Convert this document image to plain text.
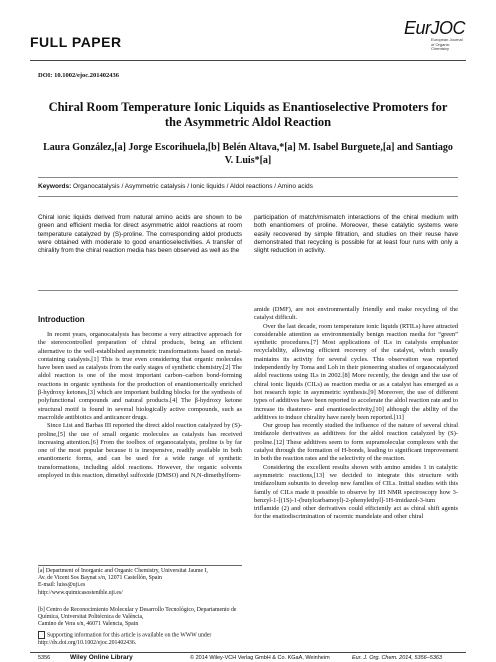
FULL PAPER
EurJOC
European Journal of Organic Chemistry
DOI: 10.1002/ejoc.201402436
Chiral Room Temperature Ionic Liquids as Enantioselective Promoters for the Asymmetric Aldol Reaction
Laura González,[a] Jorge Escorihuela,[b] Belén Altava,*[a] M. Isabel Burguete,[a] and Santiago V. Luis*[a]
Keywords: Organocatalysis / Asymmetric catalysis / Ionic liquids / Aldol reactions / Amino acids
Chiral ionic liquids derived from natural amino acids are shown to be green and efficient media for direct asymmetric aldol reactions at room temperature catalyzed by (S)-proline. The corresponding aldol products were obtained with moderate to good enantioselectivities. A transfer of chirality from the chiral reaction media has been observed as well as the
participation of match/mismatch interactions of the chiral medium with both enantiomers of proline. Moreover, these catalytic systems were easily recovered by simple filtration, and studies on their reuse have demonstrated that recycling is possible for at least four runs with only a slight reduction in activity.
Introduction

In recent years, organocatalysis has become a very attractive approach for the stereocontrolled preparation of chiral products, being an efficient alternative to the well-established asymmetric transformations based on metal-containing catalysts.[1] This is true even considering that organic molecules have been used as catalysts from the early stages of synthetic chemistry.[2] The aldol reaction is one of the most important carbon–carbon bond-forming reactions in organic synthesis for the production of enantiomerically enriched β-hydroxy ketones,[3] which are important building blocks for the synthesis of polyfunctional compounds and natural products.[4] The β-hydroxy ketone structural motif is found in several biologically active compounds, such as macrolide antibiotics and anticancer drugs.

Since List and Barbas III reported the direct aldol reaction catalyzed by (S)-proline,[5] the use of small organic molecules as catalysts has received increasing attention.[6] From the toolbox of organocatalysts, proline is by far one of the most popular because it is inexpensive, readily available in both enantiomeric forms, and can be used for a wide range of synthetic transformations, including aldol reactions. However, the organic solvents employed in this reaction, dimethyl sulfoxide (DMSO) and N,N-dimethylform-

[a] Department of Inorganic and Organic Chemistry, Universitat Jaume I,
Av. de Vicent Sos Baynat s/n, 12071 Castellón, Spain
E-mail: luiss@uji.es
http://www.quimicasostenible.uji.es/
[b] Centro de Reconocimiento Molecular y Desarrollo Tecnológico, Departamento de Química, Universitat Politécnica de València,
Camino de Vera s/n, 46071 Valencia, Spain
Supporting information for this article is available on the WWW under http://dx.doi.org/10.1002/ejoc.201402436.

amide (DMF), are not environmentally friendly and make recycling of the catalyst difficult.

Over the last decade, room temperature ionic liquids (RTILs) have attracted considerable attention as environmentally benign reaction media for “green” synthetic procedures.[7] Most applications of ILs in catalysis emphasize recyclability, allowing efficient recovery of the catalyst, which usually maintains its activity for several cycles. This observation was reported independently by Toma and Loh in their pioneering studies of organocatalyzed aldol reactions using ILs in 2002.[8] More recently, the design and the use of chiral ionic liquids (CILs) as reaction media or as a catalyst has emerged as a hot research topic in asymmetric synthesis.[9] Moreover, the use of different types of additives have been reported to accelerate the aldol reaction rate and to increase its diastereo- and enantioselectivity,[10] although the ability of the additives to induce chirality have rarely been reported.[11]

Our group has recently studied the influence of the nature of several chiral imidazole derivatives as additives for the aldol reaction catalyzed by (S)-proline.[12] These additives seem to form supramolecular complexes with the catalyst through the formation of H-bonds, leading to significant improvement in both the reaction rates and the selectivity of the reaction.

Considering the excellent results shown with amino amides 1 in catalytic asymmetric reactions,[13] we decided to integrate this structure with imidazolium subunits to develop new families of CILs. Initial studies with this family of CILs made it possible to observe by 1H NMR spectroscopy how 3-benzyl-1-[(1S)-1-(butylcarbamoyl)-2-phenylethyl]-1H-imidazol-3-ium triflamide (2) and other derivatives could efficiently act as chiral shift agents for the enatiodiscrimination of racemic mandelate and other chiral

5356	Wiley Online Library	© 2014 Wiley-VCH Verlag GmbH & Co. KGaA, Weinheim	Eur. J. Org. Chem. 2014, 5356–5363
